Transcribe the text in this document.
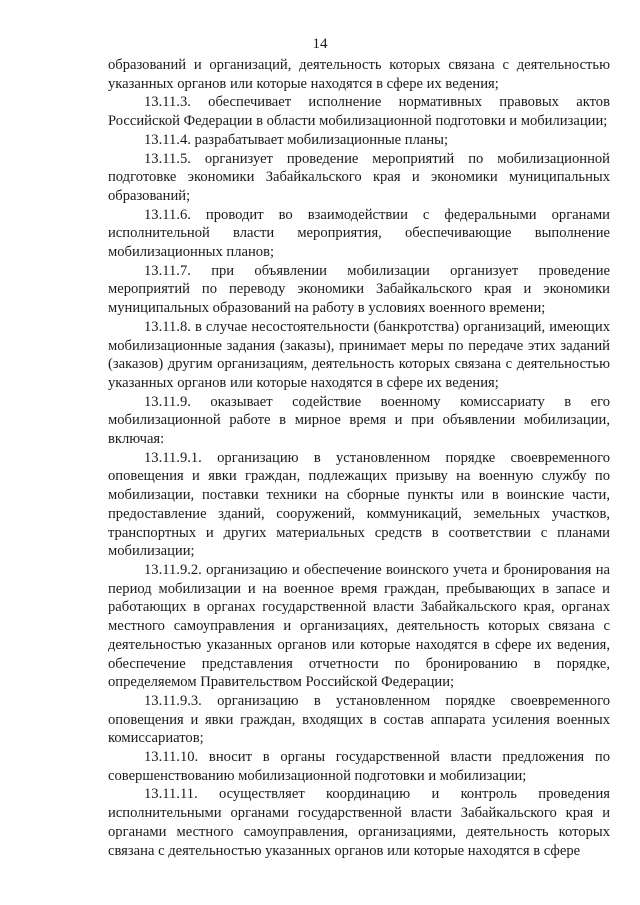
14

образований и организаций, деятельность которых связана с деятельностью указанных органов или которые находятся в сфере их ведения;

13.11.3. обеспечивает исполнение нормативных правовых актов Российской Федерации в области мобилизационной подготовки и мобилизации;

13.11.4. разрабатывает мобилизационные планы;

13.11.5. организует проведение мероприятий по мобилизационной подготовке экономики Забайкальского края и экономики муниципальных образований;

13.11.6. проводит во взаимодействии с федеральными органами исполнительной власти мероприятия, обеспечивающие выполнение мобилизационных планов;

13.11.7. при объявлении мобилизации организует проведение мероприятий по переводу экономики Забайкальского края и экономики муниципальных образований на работу в условиях военного времени;

13.11.8. в случае несостоятельности (банкротства) организаций, имеющих мобилизационные задания (заказы), принимает меры по передаче этих заданий (заказов) другим организациям, деятельность которых связана с деятельностью указанных органов или которые находятся в сфере их ведения;

13.11.9. оказывает содействие военному комиссариату в его мобилизационной работе в мирное время и при объявлении мобилизации, включая:

13.11.9.1. организацию в установленном порядке своевременного оповещения и явки граждан, подлежащих призыву на военную службу по мобилизации, поставки техники на сборные пункты или в воинские части, предоставление зданий, сооружений, коммуникаций, земельных участков, транспортных и других материальных средств в соответствии с планами мобилизации;

13.11.9.2. организацию и обеспечение воинского учета и бронирования на период мобилизации и на военное время граждан, пребывающих в запасе и работающих в органах государственной власти Забайкальского края, органах местного самоуправления и организациях, деятельность которых связана с деятельностью указанных органов или которые находятся в сфере их ведения, обеспечение представления отчетности по бронированию в порядке, определяемом Правительством Российской Федерации;

13.11.9.3. организацию в установленном порядке своевременного оповещения и явки граждан, входящих в состав аппарата усиления военных комиссариатов;

13.11.10. вносит в органы государственной власти предложения по совершенствованию мобилизационной подготовки и мобилизации;

13.11.11. осуществляет координацию и контроль проведения исполнительными органами государственной власти Забайкальского края и органами местного самоуправления, организациями, деятельность которых связана с деятельностью указанных органов или которые находятся в сфере
